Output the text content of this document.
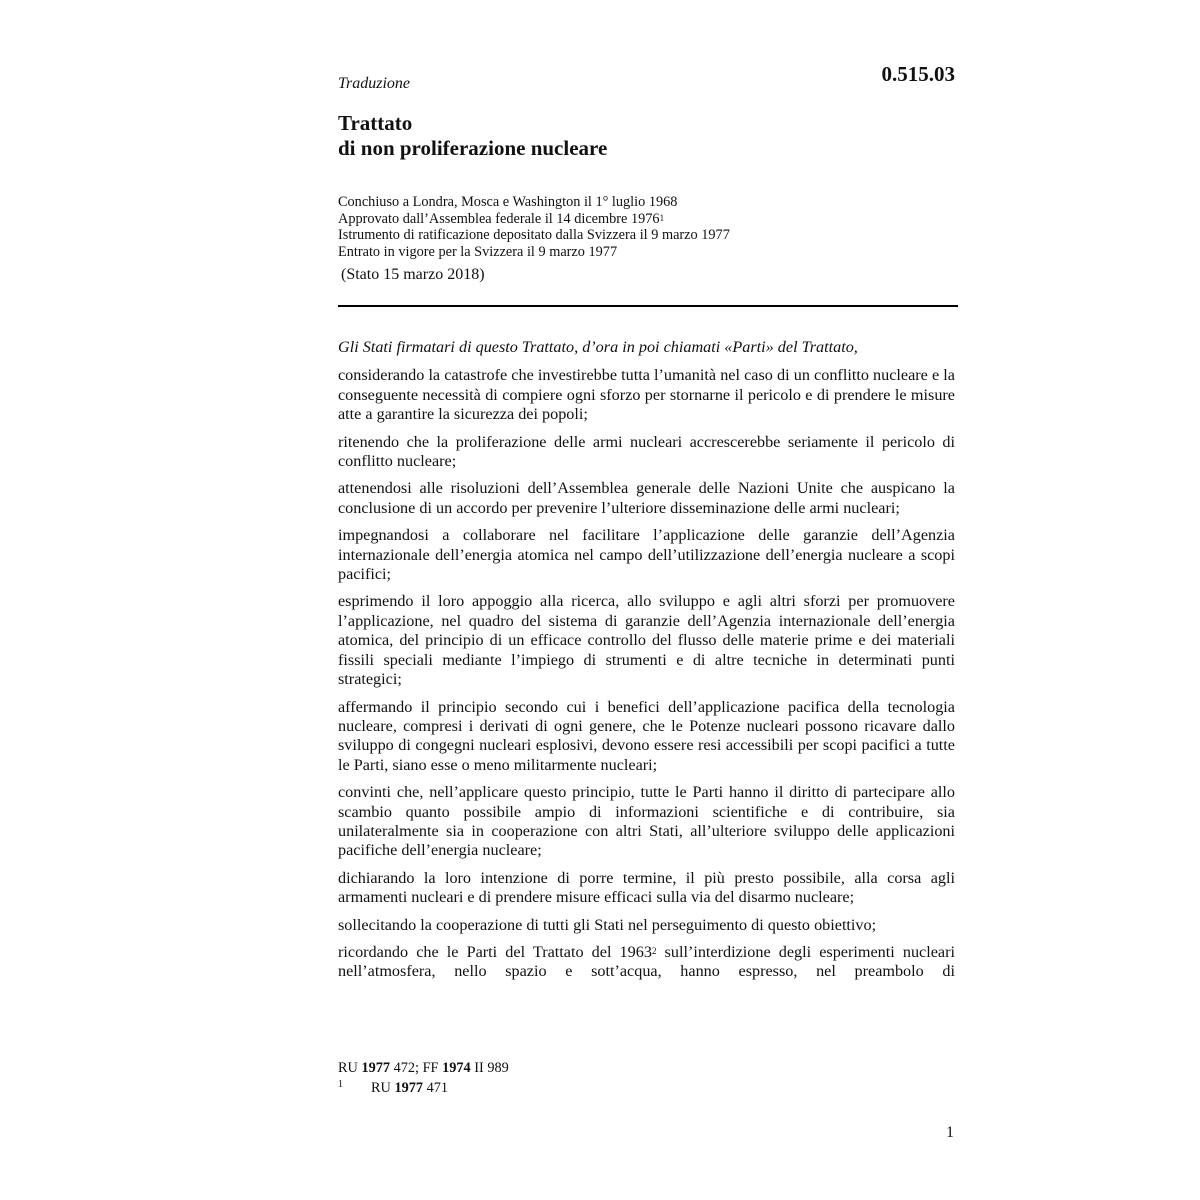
Traduzione	0.515.03
Trattato
di non proliferazione nucleare
Conchiuso a Londra, Mosca e Washington il 1° luglio 1968
Approvato dall’Assemblea federale il 14 dicembre 1976$^1$
Istrumento di ratificazione depositato dalla Svizzera il 9 marzo 1977
Entrato in vigore per la Svizzera il 9 marzo 1977
(Stato 15 marzo 2018)

Gli Stati firmatari di questo Trattato, d’ora in poi chiamati «Parti» del Trattato,

considerando la catastrofe che investirebbe tutta l’umanità nel caso di un conflitto nucleare e la conseguente necessità di compiere ogni sforzo per stornarne il pericolo e di prendere le misure atte a garantire la sicurezza dei popoli;

ritenendo che la proliferazione delle armi nucleari accrescerebbe seriamente il pericolo di conflitto nucleare;

attenendosi alle risoluzioni dell’Assemblea generale delle Nazioni Unite che auspicano la conclusione di un accordo per prevenire l’ulteriore disseminazione delle armi nucleari;

impegnandosi a collaborare nel facilitare l’applicazione delle garanzie dell’Agenzia internazionale dell’energia atomica nel campo dell’utilizzazione dell’energia nucleare a scopi pacifici;

esprimendo il loro appoggio alla ricerca, allo sviluppo e agli altri sforzi per promuovere l’applicazione, nel quadro del sistema di garanzie dell’Agenzia internazionale dell’energia atomica, del principio di un efficace controllo del flusso delle materie prime e dei materiali fissili speciali mediante l’impiego di strumenti e di altre tecniche in determinati punti strategici;

affermando il principio secondo cui i benefici dell’applicazione pacifica della tecnologia nucleare, compresi i derivati di ogni genere, che le Potenze nucleari possono ricavare dallo sviluppo di congegni nucleari esplosivi, devono essere resi accessibili per scopi pacifici a tutte le Parti, siano esse o meno militarmente nucleari;

convinti che, nell’applicare questo principio, tutte le Parti hanno il diritto di partecipare allo scambio quanto possibile ampio di informazioni scientifiche e di contribuire, sia unilateralmente sia in cooperazione con altri Stati, all’ulteriore sviluppo delle applicazioni pacifiche dell’energia nucleare;

dichiarando la loro intenzione di porre termine, il più presto possibile, alla corsa agli armamenti nucleari e di prendere misure efficaci sulla via del disarmo nucleare;

sollecitando la cooperazione di tutti gli Stati nel perseguimento di questo obiettivo;

ricordando che le Parti del Trattato del 1963$^2$ sull’interdizione degli esperimenti nucleari nell’atmosfera, nello spazio e sott’acqua, hanno espresso, nel preambolo di

RU 1977 472; FF 1974 II 989
1 RU 1977 471
1
